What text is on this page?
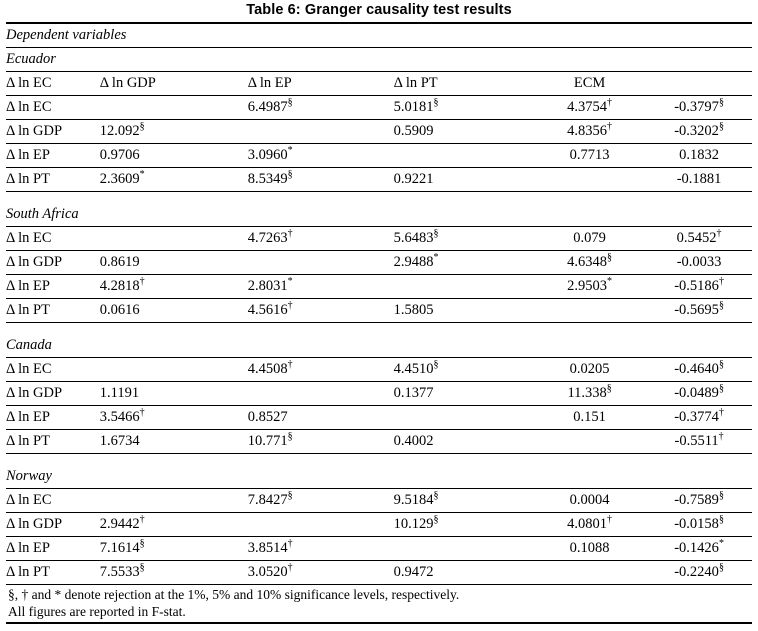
Table 6: Granger causality test results
Dependent variables					
Ecuador					
Δ ln EC	Δ ln GDP	Δ ln EP	Δ ln PT	ECM	
Δ ln EC		6.4987§	5.0181§	4.3754†	-0.3797§
Δ ln GDP	12.092§		0.5909	4.8356†	-0.3202§
Δ ln EP	0.9706	3.0960*		0.7713	0.1832
Δ ln PT	2.3609*	8.5349§	0.9221		-0.1881

South Africa					
Δ ln EC		4.7263†	5.6483§	0.079	0.5452†
Δ ln GDP	0.8619		2.9488*	4.6348§	-0.0033
Δ ln EP	4.2818†	2.8031*		2.9503*	-0.5186†
Δ ln PT	0.0616	4.5616†	1.5805		-0.5695§

Canada					
Δ ln EC		4.4508†	4.4510§	0.0205	-0.4640§
Δ ln GDP	1.1191		0.1377	11.338§	-0.0489§
Δ ln EP	3.5466†	0.8527		0.151	-0.3774†
Δ ln PT	1.6734	10.771§	0.4002		-0.5511†

Norway					
Δ ln EC		7.8427§	9.5184§	0.0004	-0.7589§
Δ ln GDP	2.9442†		10.129§	4.0801†	-0.0158§
Δ ln EP	7.1614§	3.8514†		0.1088	-0.1426*
Δ ln PT	7.5533§	3.0520†	0.9472		-0.2240§

§, † and * denote rejection at the 1%, 5% and 10% significance levels, respectively.
All figures are reported in F-stat.
